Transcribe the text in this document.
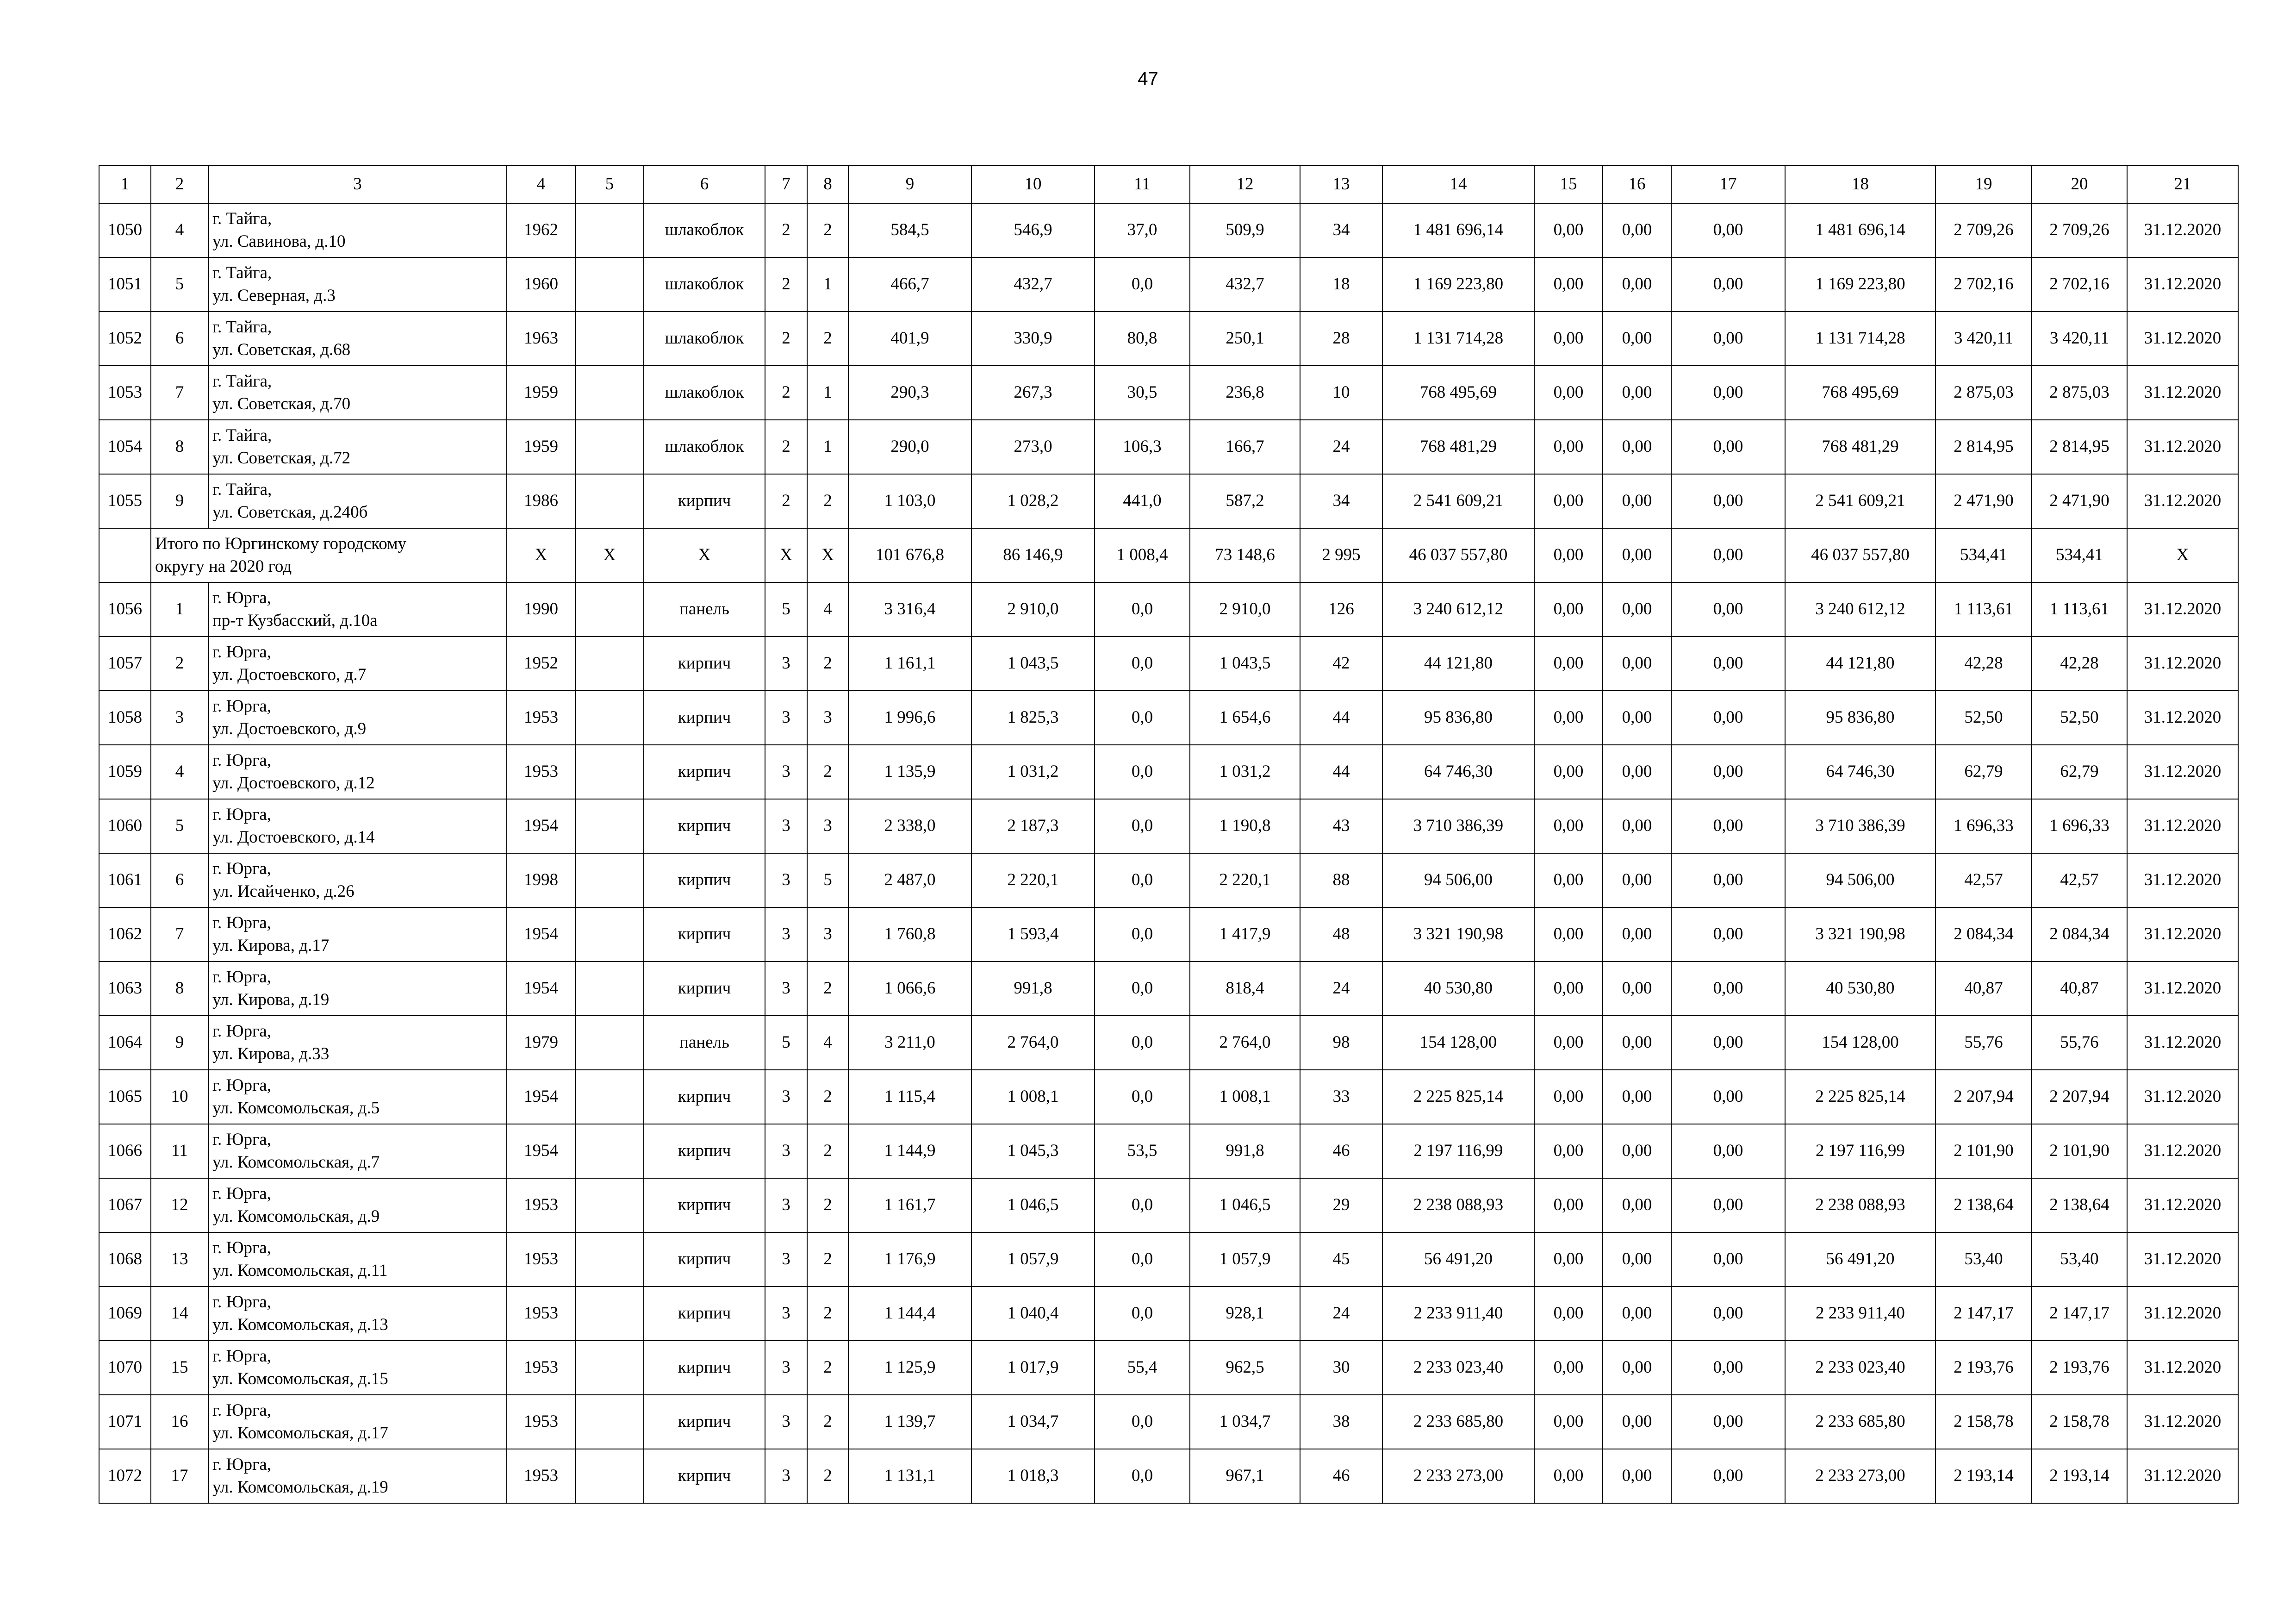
47
1	2	3	4	5	6	7	8	9	10	11	12	13	14	15	16	17	18	19	20	21
1050	4	г. Тайга,
ул. Савинова, д.10	1962		шлакоблок	2	2	584,5	546,9	37,0	509,9	34	1 481 696,14	0,00	0,00	0,00	1 481 696,14	2 709,26	2 709,26	31.12.2020
1051	5	г. Тайга,
ул. Северная, д.3	1960		шлакоблок	2	1	466,7	432,7	0,0	432,7	18	1 169 223,80	0,00	0,00	0,00	1 169 223,80	2 702,16	2 702,16	31.12.2020
1052	6	г. Тайга,
ул. Советская, д.68	1963		шлакоблок	2	2	401,9	330,9	80,8	250,1	28	1 131 714,28	0,00	0,00	0,00	1 131 714,28	3 420,11	3 420,11	31.12.2020
1053	7	г. Тайга,
ул. Советская, д.70	1959		шлакоблок	2	1	290,3	267,3	30,5	236,8	10	768 495,69	0,00	0,00	0,00	768 495,69	2 875,03	2 875,03	31.12.2020
1054	8	г. Тайга,
ул. Советская, д.72	1959		шлакоблок	2	1	290,0	273,0	106,3	166,7	24	768 481,29	0,00	0,00	0,00	768 481,29	2 814,95	2 814,95	31.12.2020
1055	9	г. Тайга,
ул. Советская, д.240б	1986		кирпич	2	2	1 103,0	1 028,2	441,0	587,2	34	2 541 609,21	0,00	0,00	0,00	2 541 609,21	2 471,90	2 471,90	31.12.2020

	Итого по Юргинскому городскому
округу на 2020 год		X	X	X	X	X	101 676,8	86 146,9	1 008,4	73 148,6	2 995	46 037 557,80	0,00	0,00	0,00	46 037 557,80	534,41	534,41	X
1056	1	г. Юрга,
пр-т Кузбасский, д.10а	1990		панель	5	4	3 316,4	2 910,0	0,0	2 910,0	126	3 240 612,12	0,00	0,00	0,00	3 240 612,12	1 113,61	1 113,61	31.12.2020
1057	2	г. Юрга,
ул. Достоевского, д.7	1952		кирпич	3	2	1 161,1	1 043,5	0,0	1 043,5	42	44 121,80	0,00	0,00	0,00	44 121,80	42,28	42,28	31.12.2020
1058	3	г. Юрга,
ул. Достоевского, д.9	1953		кирпич	3	3	1 996,6	1 825,3	0,0	1 654,6	44	95 836,80	0,00	0,00	0,00	95 836,80	52,50	52,50	31.12.2020
1059	4	г. Юрга,
ул. Достоевского, д.12	1953		кирпич	3	2	1 135,9	1 031,2	0,0	1 031,2	44	64 746,30	0,00	0,00	0,00	64 746,30	62,79	62,79	31.12.2020
1060	5	г. Юрга,
ул. Достоевского, д.14	1954		кирпич	3	3	2 338,0	2 187,3	0,0	1 190,8	43	3 710 386,39	0,00	0,00	0,00	3 710 386,39	1 696,33	1 696,33	31.12.2020
1061	6	г. Юрга,
ул. Исайченко, д.26	1998		кирпич	3	5	2 487,0	2 220,1	0,0	2 220,1	88	94 506,00	0,00	0,00	0,00	94 506,00	42,57	42,57	31.12.2020
1062	7	г. Юрга,
ул. Кирова, д.17	1954		кирпич	3	3	1 760,8	1 593,4	0,0	1 417,9	48	3 321 190,98	0,00	0,00	0,00	3 321 190,98	2 084,34	2 084,34	31.12.2020
1063	8	г. Юрга,
ул. Кирова, д.19	1954		кирпич	3	2	1 066,6	991,8	0,0	818,4	24	40 530,80	0,00	0,00	0,00	40 530,80	40,87	40,87	31.12.2020
1064	9	г. Юрга,
ул. Кирова, д.33	1979		панель	5	4	3 211,0	2 764,0	0,0	2 764,0	98	154 128,00	0,00	0,00	0,00	154 128,00	55,76	55,76	31.12.2020
1065	10	г. Юрга,
ул. Комсомольская, д.5	1954		кирпич	3	2	1 115,4	1 008,1	0,0	1 008,1	33	2 225 825,14	0,00	0,00	0,00	2 225 825,14	2 207,94	2 207,94	31.12.2020
1066	11	г. Юрга,
ул. Комсомольская, д.7	1954		кирпич	3	2	1 144,9	1 045,3	53,5	991,8	46	2 197 116,99	0,00	0,00	0,00	2 197 116,99	2 101,90	2 101,90	31.12.2020
1067	12	г. Юрга,
ул. Комсомольская, д.9	1953		кирпич	3	2	1 161,7	1 046,5	0,0	1 046,5	29	2 238 088,93	0,00	0,00	0,00	2 238 088,93	2 138,64	2 138,64	31.12.2020
1068	13	г. Юрга,
ул. Комсомольская, д.11	1953		кирпич	3	2	1 176,9	1 057,9	0,0	1 057,9	45	56 491,20	0,00	0,00	0,00	56 491,20	53,40	53,40	31.12.2020
1069	14	г. Юрга,
ул. Комсомольская, д.13	1953		кирпич	3	2	1 144,4	1 040,4	0,0	928,1	24	2 233 911,40	0,00	0,00	0,00	2 233 911,40	2 147,17	2 147,17	31.12.2020
1070	15	г. Юрга,
ул. Комсомольская, д.15	1953		кирпич	3	2	1 125,9	1 017,9	55,4	962,5	30	2 233 023,40	0,00	0,00	0,00	2 233 023,40	2 193,76	2 193,76	31.12.2020
1071	16	г. Юрга,
ул. Комсомольская, д.17	1953		кирпич	3	2	1 139,7	1 034,7	0,0	1 034,7	38	2 233 685,80	0,00	0,00	0,00	2 233 685,80	2 158,78	2 158,78	31.12.2020
1072	17	г. Юрга,
ул. Комсомольская, д.19	1953		кирпич	3	2	1 131,1	1 018,3	0,0	967,1	46	2 233 273,00	0,00	0,00	0,00	2 233 273,00	2 193,14	2 193,14	31.12.2020
